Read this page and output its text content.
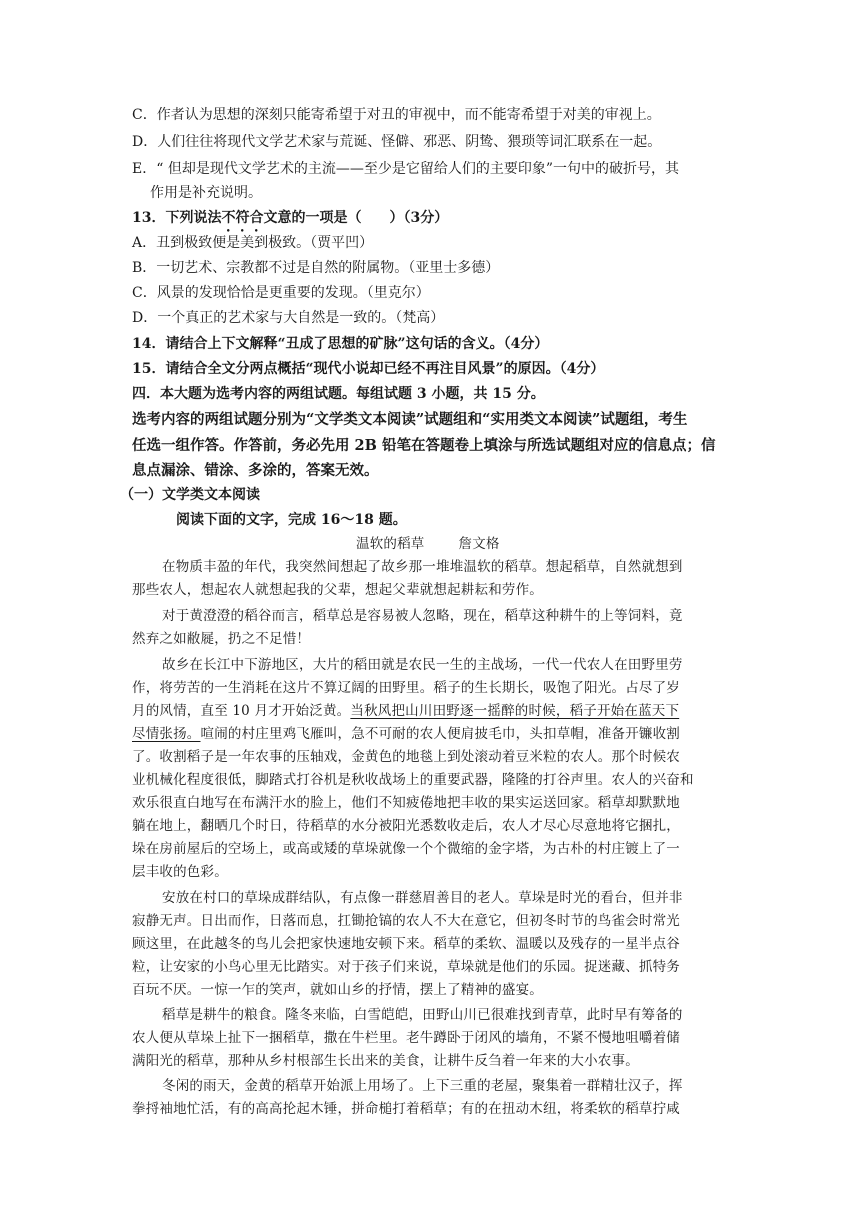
C．作者认为思想的深刻只能寄希望于对丑的审视中，而不能寄希望于对美的审视上。
D．人们往往将现代文学艺术家与荒诞、怪僻、邪恶、阴鸷、猥琐等词汇联系在一起。
E．“ 但却是现代文学艺术的主流——至少是它留给人们的主要印象”一句中的破折号，其
作用是补充说明。
13．下列说法不符合文意的一项是（　　）（3分）
A．丑到极致便是美到极致。（贾平凹）
B．一切艺术、宗教都不过是自然的附属物。（亚里士多德）
C．风景的发现恰恰是更重要的发现。（里克尔）
D．一个真正的艺术家与大自然是一致的。（梵高）
14．请结合上下文解释“丑成了思想的矿脉”这句话的含义。（4分）
15．请结合全文分两点概括“现代小说却已经不再注目风景”的原因。（4分）
四．本大题为选考内容的两组试题。每组试题 3 小题，共 15 分。
选考内容的两组试题分别为“文学类文本阅读”试题组和“实用类文本阅读”试题组，考生
任选一组作答。作答前，务必先用 2B 铅笔在答题卷上填涂与所选试题组对应的信息点；信
息点漏涂、错涂、多涂的，答案无效。
（一）文学类文本阅读
阅读下面的文字，完成 16～18 题。
温软的稻草	詹文格
在物质丰盈的年代，我突然间想起了故乡那一堆堆温软的稻草。想起稻草，自然就想到
那些农人，想起农人就想起我的父辈，想起父辈就想起耕耘和劳作。
对于黄澄澄的稻谷而言，稻草总是容易被人忽略，现在，稻草这种耕牛的上等饲料，竟
然弃之如敝屣，扔之不足惜！
故乡在长江中下游地区，大片的稻田就是农民一生的主战场，一代一代农人在田野里劳
作，将劳苦的一生消耗在这片不算辽阔的田野里。稻子的生长期长，吸饱了阳光。占尽了岁
月的风情，直至 10 月才开始泛黄。当秋风把山川田野逐一摇醉的时候，稻子开始在蓝天下
尽情张扬。喧闹的村庄里鸡飞雁叫，急不可耐的农人便肩披毛巾，头扣草帽，准备开镰收割
了。收割稻子是一年农事的压轴戏，金黄色的地毯上到处滚动着豆米粒的农人。那个时候农
业机械化程度很低，脚踏式打谷机是秋收战场上的重要武器，隆隆的打谷声里。农人的兴奋和
欢乐很直白地写在布满汗水的脸上，他们不知疲倦地把丰收的果实运送回家。稻草却默默地
躺在地上，翻晒几个时日，待稻草的水分被阳光悉数收走后，农人才尽心尽意地将它捆扎，
垛在房前屋后的空场上，或高或矮的草垛就像一个个微缩的金字塔，为古朴的村庄镀上了一
层丰收的色彩。
安放在村口的草垛成群结队，有点像一群慈眉善目的老人。草垛是时光的看台，但并非
寂静无声。日出而作，日落而息，扛锄抢镐的农人不大在意它，但初冬时节的鸟雀会时常光
顾这里，在此越冬的鸟儿会把家快速地安顿下来。稻草的柔软、温暖以及残存的一星半点谷
粒，让安家的小鸟心里无比踏实。对于孩子们来说，草垛就是他们的乐园。捉迷藏、抓特务
百玩不厌。一惊一乍的笑声，就如山乡的抒情，摆上了精神的盛宴。
稻草是耕牛的粮食。隆冬来临，白雪皑皑，田野山川已很难找到青草，此时早有筹备的
农人便从草垛上扯下一捆稻草，撒在牛栏里。老牛蹲卧于闭风的墙角，不紧不慢地咀嚼着储
满阳光的稻草，那种从乡村根部生长出来的美食，让耕牛反刍着一年来的大小农事。
冬闲的雨天，金黄的稻草开始派上用场了。上下三重的老屋，聚集着一群精壮汉子，挥
拳捋袖地忙活，有的高高抡起木锤，拼命槌打着稻草；有的在扭动木纽，将柔软的稻草拧咸
